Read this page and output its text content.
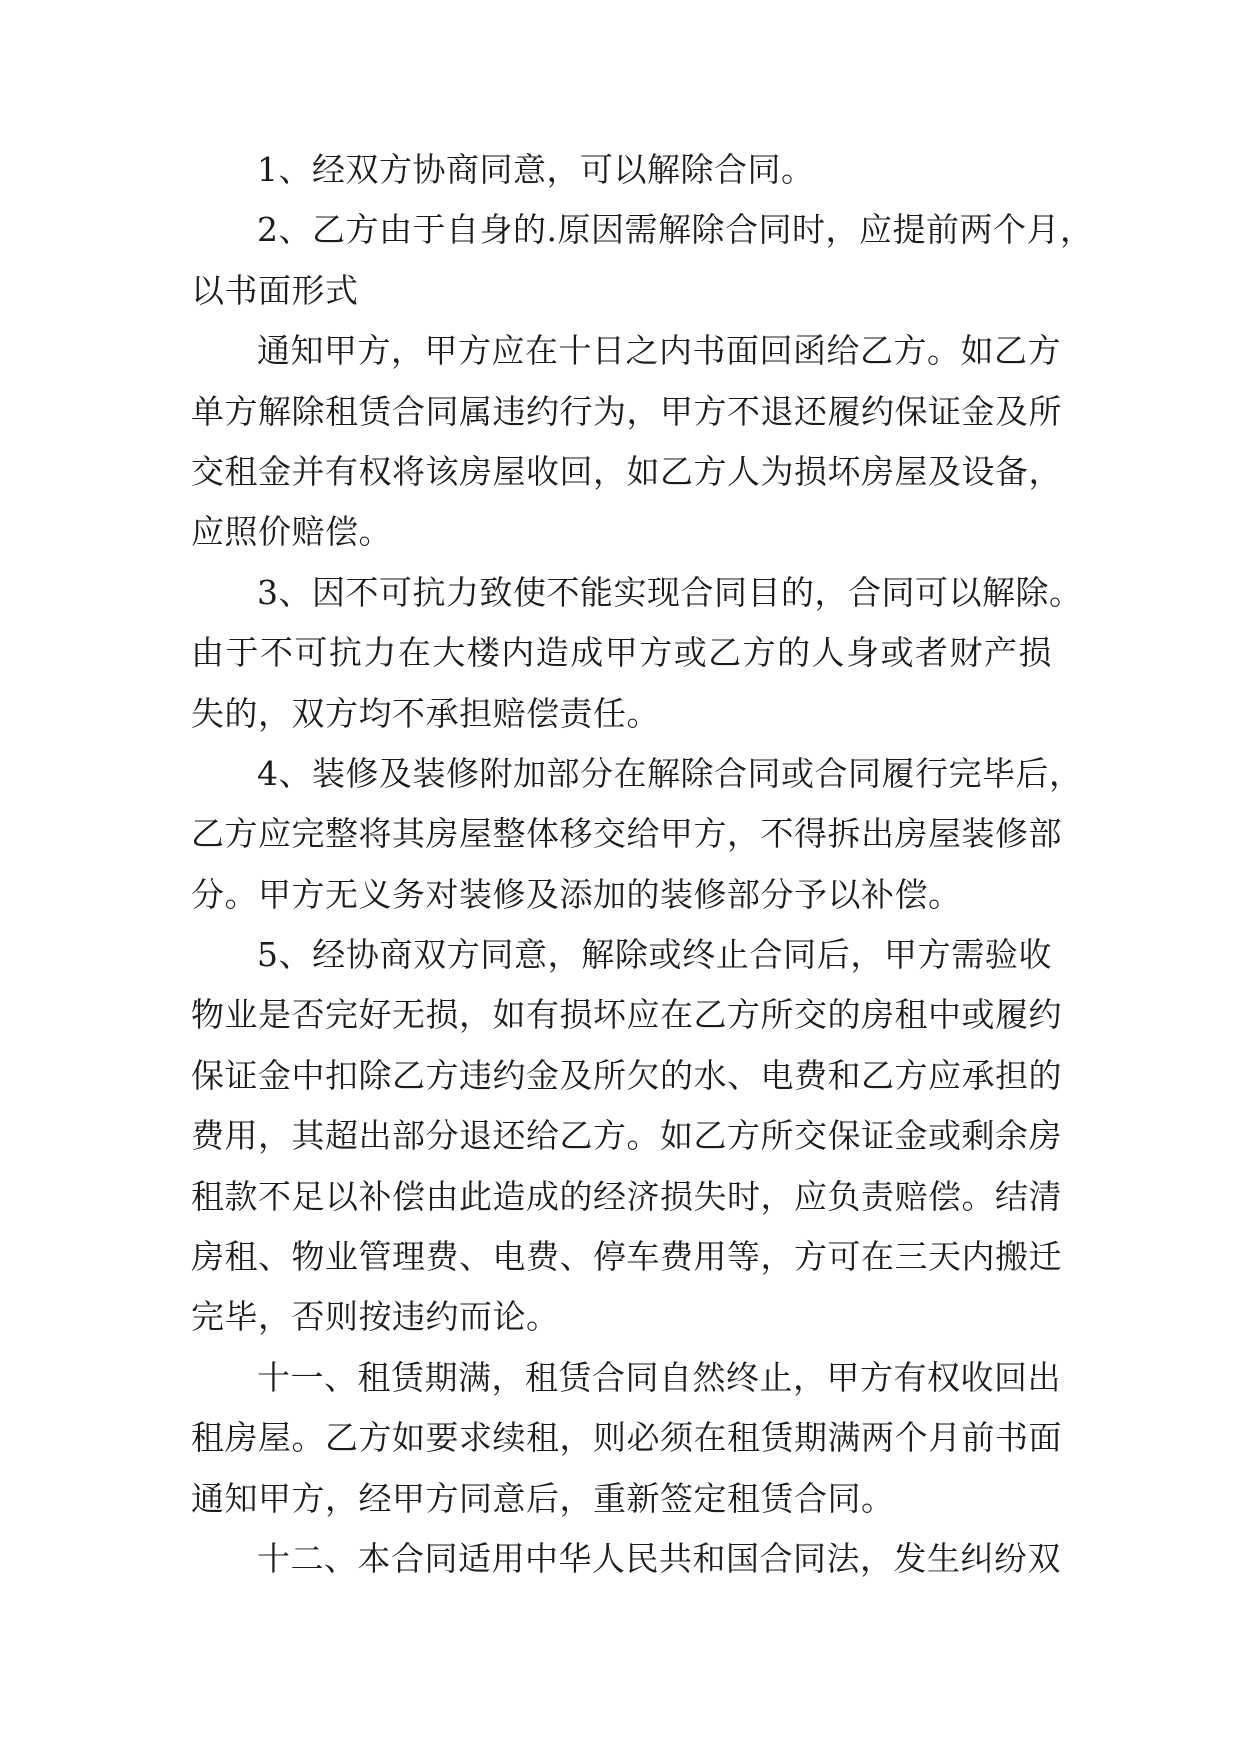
1、经双方协商同意，可以解除合同。
2、乙方由于自身的.原因需解除合同时，应提前两个月，
以书面形式
通知甲方，甲方应在十日之内书面回函给乙方。如乙方
单方解除租赁合同属违约行为，甲方不退还履约保证金及所
交租金并有权将该房屋收回，如乙方人为损坏房屋及设备，
应照价赔偿。
3、因不可抗力致使不能实现合同目的，合同可以解除。
由于不可抗力在大楼内造成甲方或乙方的人身或者财产损
失的，双方均不承担赔偿责任。
4、装修及装修附加部分在解除合同或合同履行完毕后，
乙方应完整将其房屋整体移交给甲方，不得拆出房屋装修部
分。甲方无义务对装修及添加的装修部分予以补偿。
5、经协商双方同意，解除或终止合同后，甲方需验收
物业是否完好无损，如有损坏应在乙方所交的房租中或履约
保证金中扣除乙方违约金及所欠的水、电费和乙方应承担的
费用，其超出部分退还给乙方。如乙方所交保证金或剩余房
租款不足以补偿由此造成的经济损失时，应负责赔偿。结清
房租、物业管理费、电费、停车费用等，方可在三天内搬迁
完毕，否则按违约而论。
十一、租赁期满，租赁合同自然终止，甲方有权收回出
租房屋。乙方如要求续租，则必须在租赁期满两个月前书面
通知甲方，经甲方同意后，重新签定租赁合同。
十二、本合同适用中华人民共和国合同法，发生纠纷双
